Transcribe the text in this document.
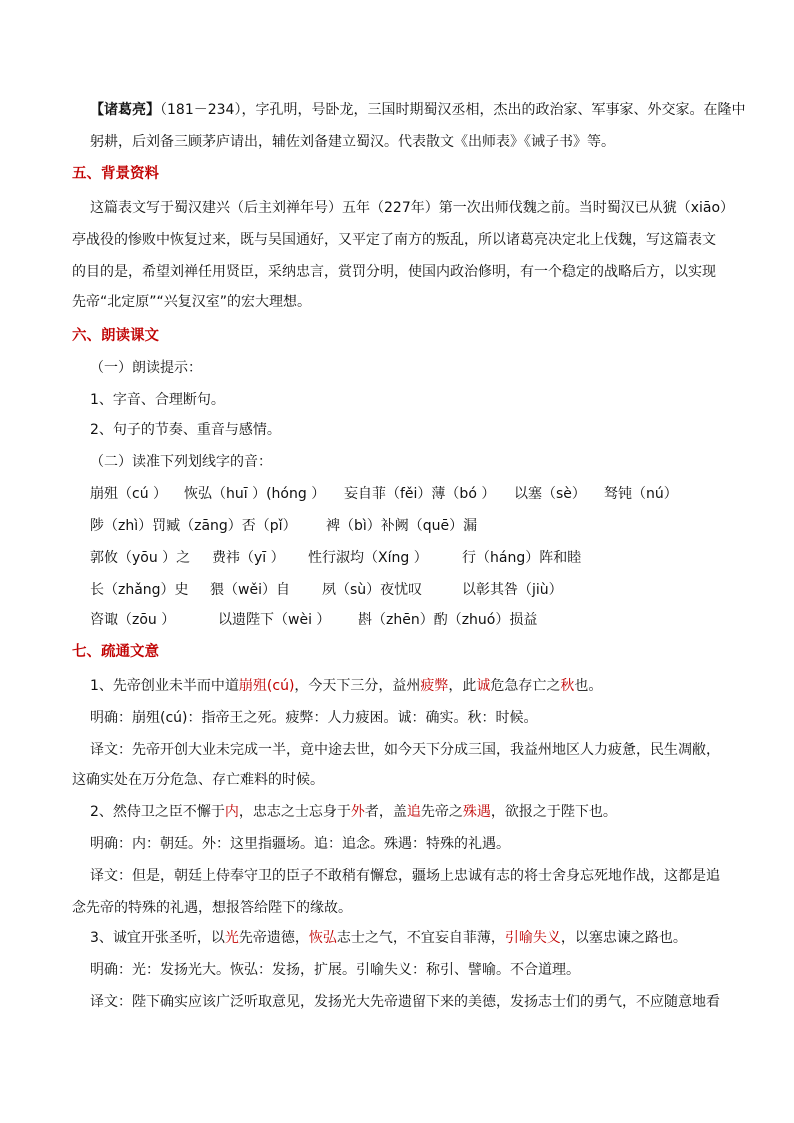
【诸葛亮】（181－234），字孔明，号卧龙，三国时期蜀汉丞相，杰出的政治家、军事家、外交家。在隆中
躬耕，后刘备三顾茅庐请出，辅佐刘备建立蜀汉。代表散文《出师表》《诫子书》等。
五、背景资料
这篇表文写于蜀汉建兴（后主刘禅年号）五年（227年）第一次出师伐魏之前。当时蜀汉已从猇（xiāo）
亭战役的惨败中恢复过来，既与吴国通好，又平定了南方的叛乱，所以诸葛亮决定北上伐魏，写这篇表文
的目的是，希望刘禅任用贤臣，采纳忠言，赏罚分明，使国内政治修明，有一个稳定的战略后方，以实现
先帝“北定原”“兴复汉室”的宏大理想。
六、朗读课文
（一）朗读提示：
1、字音、合理断句。
2、句子的节奏、重音与感情。
（二）读准下列划线字的音：
崩殂（cú ） 恢弘（huī ）(hóng ） 妄自菲（fěi）薄（bó ） 以塞（sè） 驽钝（nú）
陟（zhì）罚臧（zāng）否（pǐ） 裨（bì）补阙（quē）漏
郭攸（yōu ）之 费祎（yī ） 性行淑均（Xíng ） 行（háng）阵和睦
长（zhǎng）史 猥（wěi）自 夙（sù）夜忧叹	以彰其咎（jiù）
咨诹（zōu ）	以遗陛下（wèi ） 斟（zhēn）酌（zhuó）损益
七、疏通文意
1、先帝创业未半而中道崩殂(cú)，今天下三分，益州疲弊，此诚危急存亡之秋也。
明确：崩殂(cú)：指帝王之死。疲弊：人力疲困。诚：确实。秋：时候。
译文：先帝开创大业未完成一半，竟中途去世，如今天下分成三国，我益州地区人力疲惫，民生凋敝，
这确实处在万分危急、存亡难料的时候。
2、然侍卫之臣不懈于内，忠志之士忘身于外者，盖追先帝之殊遇，欲报之于陛下也。
明确：内：朝廷。外：这里指疆场。追：追念。殊遇：特殊的礼遇。
译文：但是，朝廷上侍奉守卫的臣子不敢稍有懈怠，疆场上忠诚有志的将士舍身忘死地作战，这都是追
念先帝的特殊的礼遇，想报答给陛下的缘故。
3、诚宜开张圣听，以光先帝遗德，恢弘志士之气，不宜妄自菲薄，引喻失义，以塞忠谏之路也。
明确：光：发扬光大。恢弘：发扬，扩展。引喻失义：称引、譬喻。不合道理。
译文：陛下确实应该广泛听取意见，发扬光大先帝遗留下来的美德，发扬志士们的勇气，不应随意地看
